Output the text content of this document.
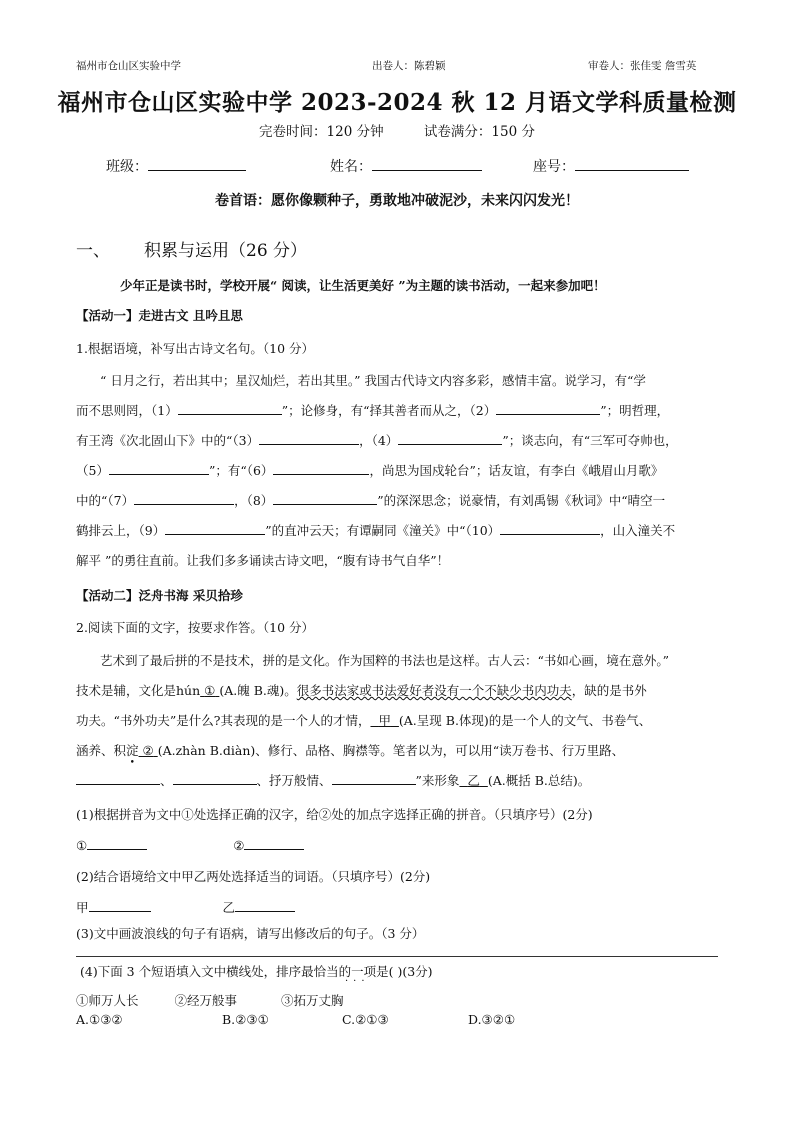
福州市仓山区实验中学	出卷人：陈碧颖	审卷人：张佳雯 詹雪英
福州市仓山区实验中学 2023-2024 秋 12 月语文学科质量检测
完卷时间：120 分钟	试卷满分：150 分
班级：	姓名：	座号：
卷首语：愿你像颗种子，勇敢地冲破泥沙，未来闪闪发光！
一、 积累与运用（26 分）
少年正是读书时，学校开展“ 阅读，让生活更美好 ”为主题的读书活动，一起来参加吧！
【活动一】走进古文 且吟且思
1.根据语境，补写出古诗文名句。（10 分）
“ 日月之行，若出其中；星汉灿烂，若出其里。” 我国古代诗文内容多彩，感情丰富。说学习，有“学
而不思则罔，（1）	”；论修身，有“择其善者而从之，（2）	”；明哲理，
有王湾《次北固山下》中的“（3）	，（4）	”；谈志向，有“三军可夺帅也，
（5）	”；有“（6）	，尚思为国戍轮台”；话友谊，有李白《峨眉山月歌》
中的“（7）	，（8）	”的深深思念；说豪情，有刘禹锡《秋词》中“晴空一
鹤排云上，（9）	”的直冲云天；有谭嗣同《潼关》中“（10）	，山入潼关不
解平 ”的勇往直前。让我们多多诵读古诗文吧，“腹有诗书气自华”！
【活动二】泛舟书海 采贝拾珍
2.阅读下面的文字，按要求作答。（10 分）
艺术到了最后拼的不是技术，拼的是文化。作为国粹的书法也是这样。古人云：“书如心画，境在意外。”
技术是辅，文化是hún ① (A.魄 B.魂)。很多书法家或书法爱好者没有一个不缺少书内功夫，缺的是书外
功夫。“书外功夫”是什么?其表现的是一个人的才情， 甲 (A.呈现 B.体现)的是一个人的文气、书卷气、
涵养、积淀
•
② (A.zhàn B.diàn)、修行、品格、胸襟等。笔者以为，可以用“读万卷书、行万里路、
、	、抒万般情、	”来形象 乙 (A.概括 B.总结)。
(1)根据拼音为文中①处选择正确的汉字，给②处的加点字选择正确的拼音。（只填序号）(2分)
①	②
(2)结合语境给文中甲乙两处选择适当的词语。（只填序号）(2分)
甲	乙
(3)文中画波浪线的句子有语病，请写出修改后的句子。（3 分）
(4)下面 3 个短语填入文中横线处，排序最恰当的一项是( )(3分)
···
①师万人长	②经万般事	③拓万丈胸
A.①③②	B.②③①	C.②①③	D.③②①
